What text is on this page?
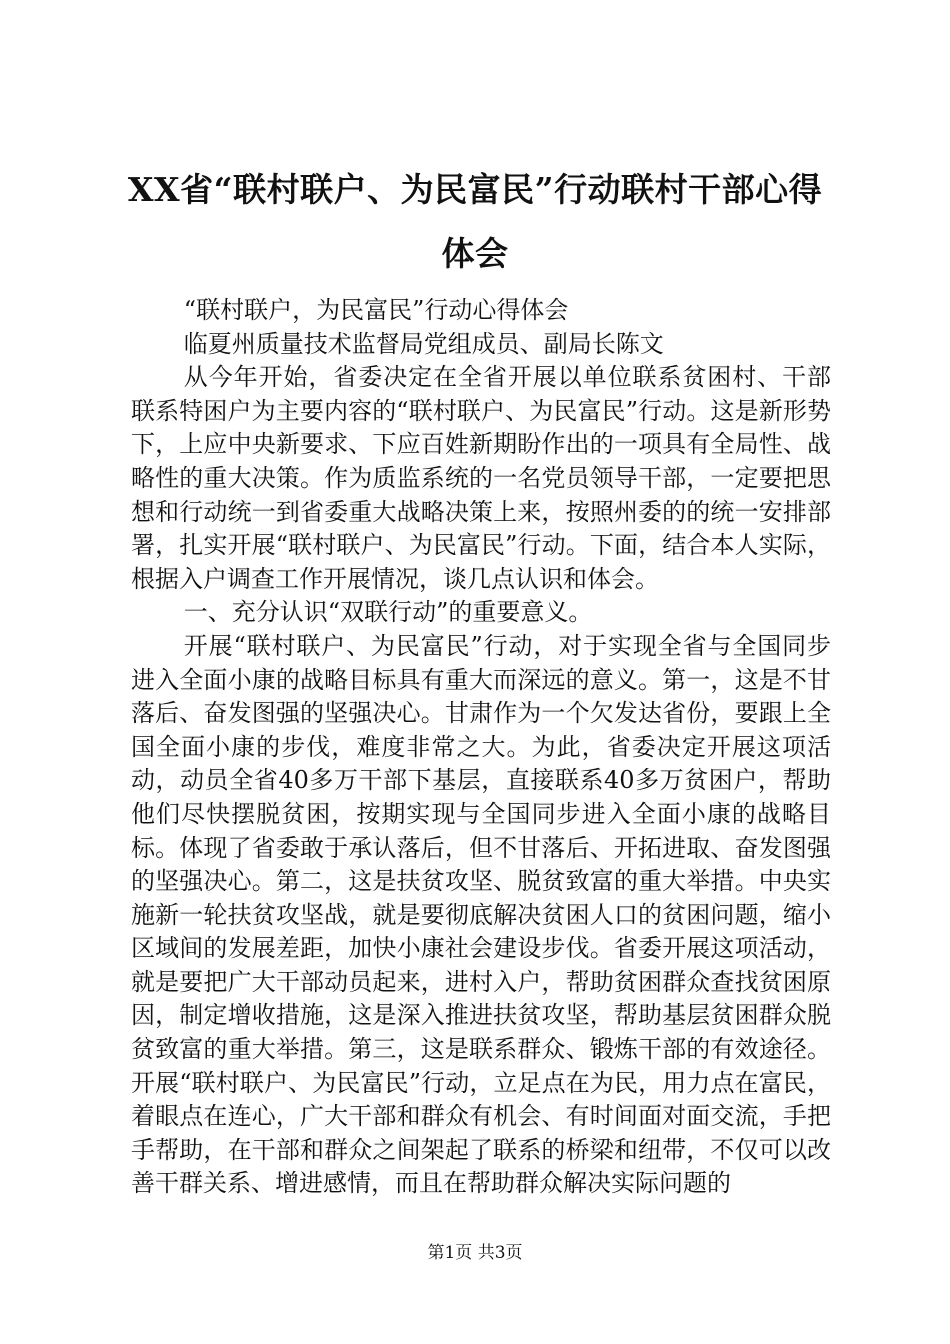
XX省“联村联户、为民富民”行动联村干部心得体会

“联村联户，为民富民”行动心得体会

临夏州质量技术监督局党组成员、副局长陈文

从今年开始，省委决定在全省开展以单位联系贫困村、干部联系特困户为主要内容的“联村联户、为民富民”行动。这是新形势下，上应中央新要求、下应百姓新期盼作出的一项具有全局性、战略性的重大决策。作为质监系统的一名党员领导干部，一定要把思想和行动统一到省委重大战略决策上来，按照州委的的统一安排部署，扎实开展“联村联户、为民富民”行动。下面，结合本人实际，根据入户调查工作开展情况，谈几点认识和体会。

一、充分认识“双联行动”的重要意义。

开展“联村联户、为民富民”行动，对于实现全省与全国同步进入全面小康的战略目标具有重大而深远的意义。第一，这是不甘落后、奋发图强的坚强决心。甘肃作为一个欠发达省份，要跟上全国全面小康的步伐，难度非常之大。为此，省委决定开展这项活动，动员全省40多万干部下基层，直接联系40多万贫困户，帮助他们尽快摆脱贫困，按期实现与全国同步进入全面小康的战略目标。体现了省委敢于承认落后，但不甘落后、开拓进取、奋发图强的坚强决心。第二，这是扶贫攻坚、脱贫致富的重大举措。中央实施新一轮扶贫攻坚战，就是要彻底解决贫困人口的贫困问题，缩小区域间的发展差距，加快小康社会建设步伐。省委开展这项活动，就是要把广大干部动员起来，进村入户，帮助贫困群众查找贫困原因，制定增收措施，这是深入推进扶贫攻坚，帮助基层贫困群众脱贫致富的重大举措。第三，这是联系群众、锻炼干部的有效途径。开展“联村联户、为民富民”行动，立足点在为民，用力点在富民，着眼点在连心，广大干部和群众有机会、有时间面对面交流，手把手帮助，在干部和群众之间架起了联系的桥梁和纽带，不仅可以改善干群关系、增进感情，而且在帮助群众解决实际问题的

第1页 共3页
